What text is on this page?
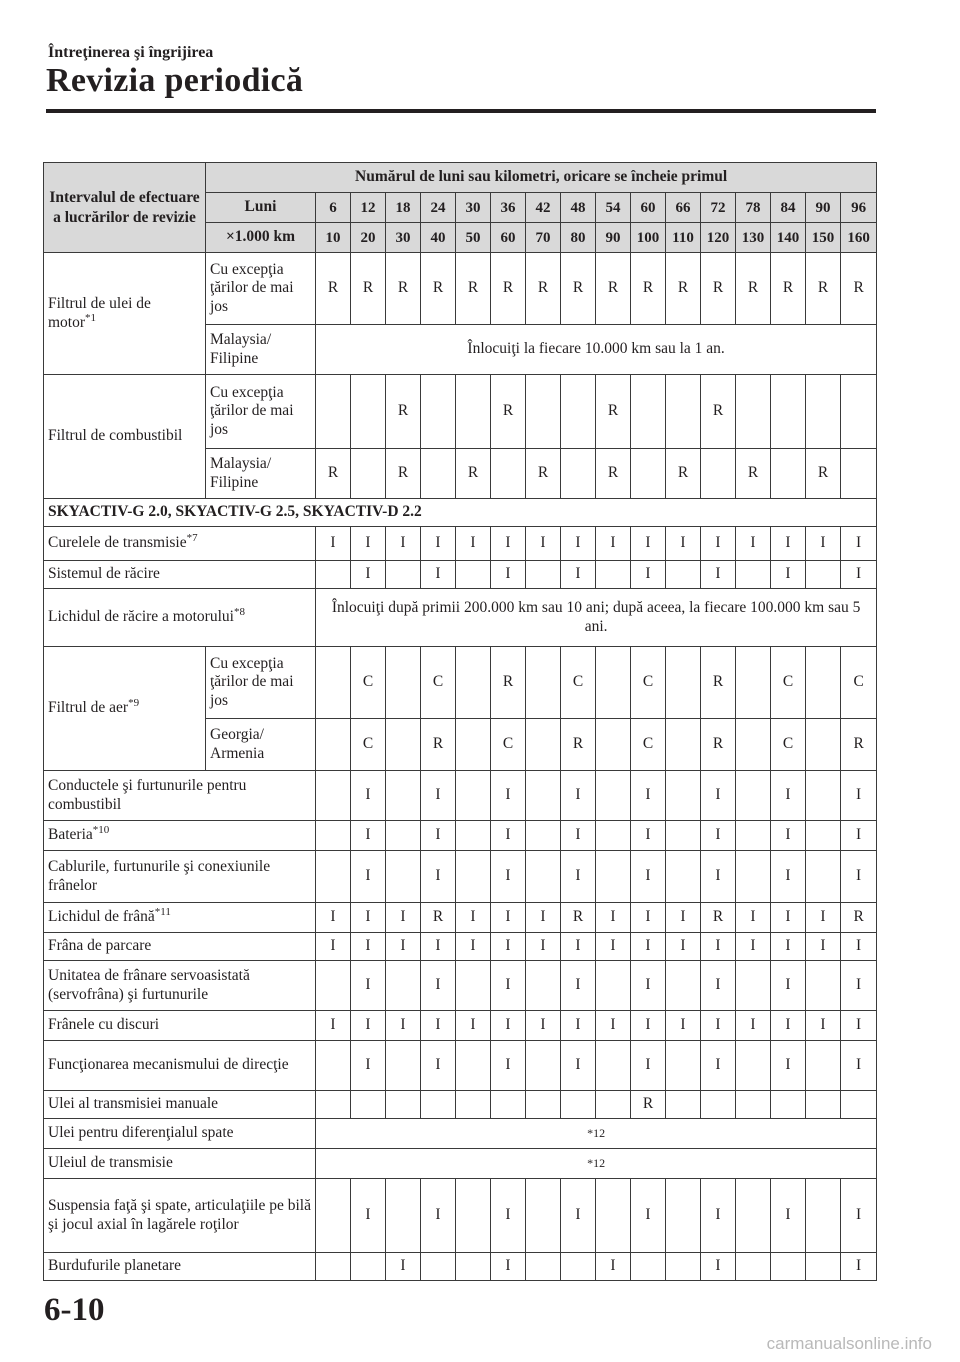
Întreţinerea şi îngrijirea
Revizia periodică
Intervalul de efectuare a lucrărilor de revizie	Numărul de luni sau kilometri, oricare se încheie primul																
	Luni	6	12	18	24	30	36	42	48	54	60	66	72	78	84	90	96
	×1.000 km	10	20	30	40	50	60	70	80	90	100	110	120	130	140	150	160
Filtrul de ulei de motor$^{*1}$	Cu excepţia ţărilor de mai jos	R	R	R	R	R	R	R	R	R	R	R	R	R	R	R	R
	Malaysia/ Filipine	Înlocuiţi la fiecare 10.000 km sau la 1 an.															
Filtrul de combustibil	Cu excepţia ţărilor de mai jos			R			R			R			R				
	Malaysia/ Filipine	R		R		R		R		R		R		R		R	
SKYACTIV-G 2.0, SKYACTIV-G 2.5, SKYACTIV-D 2.2																	
Curelele de transmisie$^{*7}$		I	I	I	I	I	I	I	I	I	I	I	I	I	I	I	I
Sistemul de răcire			I		I		I		I		I		I		I		I
Lichidul de răcire a motorului$^{*8}$		Înlocuiţi după primii 200.000 km sau 10 ani; după aceea, la fiecare 100.000 km sau 5 ani.															
Filtrul de aer$^{*9}$	Cu excepţia ţărilor de mai jos		C		C		R		C		C		R		C		C
	Georgia/ Armenia		C		R		C		R		C		R		C		R
Conductele şi furtunurile pentru combustibil			I		I		I		I		I		I		I		I
Bateria$^{*10}$			I		I		I		I		I		I		I		I
Cablurile, furtunurile şi conexiunile frânelor			I		I		I		I		I		I		I		I
Lichidul de frână$^{*11}$		I	I	I	R	I	I	I	R	I	I	I	R	I	I	I	R
Frâna de parcare		I	I	I	I	I	I	I	I	I	I	I	I	I	I	I	I
Unitatea de frânare servoasistată (servofrâna) şi furtunurile			I		I		I		I		I		I		I		I
Frânele cu discuri		I	I	I	I	I	I	I	I	I	I	I	I	I	I	I	I
Funcţionarea mecanismului de direcţie			I		I		I		I		I		I		I		I
Ulei al transmisiei manuale											R						
Ulei pentru diferenţialul spate		*12															
Uleiul de transmisie		*12															
Suspensia faţă şi spate, articulaţiile pe bilă şi jocul axial în lagărele roţilor			I		I		I		I		I		I		I		I
Burdufurile planetare				I			I			I			I				I
6-10
carmanualsonline.info
